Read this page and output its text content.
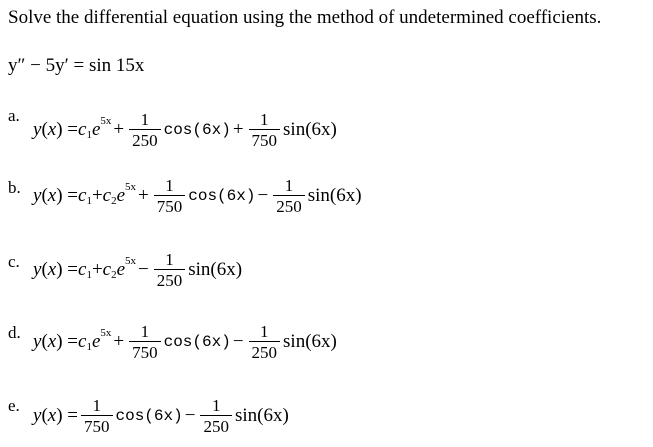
Solve the differential equation using the method of undetermined coefficients.
y″ − 5y′ = sin 15x
a.
y ( x ) = c 1 e $5x + \frac{1}{250} \cos(6x) + \frac{1}{750} \sin(6x)$
b. y ( x ) = c 1 + c 2 e $5x + \frac{1}{750} \cos(6x) - \frac{1}{250} \sin(6x)$
c. y ( x ) = c 1 + c 2 e $5x - \frac{1}{250} \sin(6x)$
d. y ( x ) = c 1 e $5x + \frac{1}{750} \cos(6x) - \frac{1}{250} \sin(6x)$
e. y ( x ) = $\frac{1}{750} \cos(6x) - \frac{1}{250} \sin(6x)$
